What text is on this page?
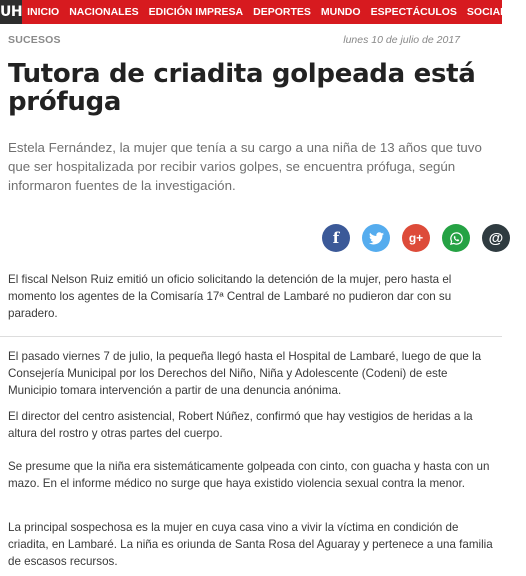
UH INICIO NACIONALES EDICIÓN IMPRESA DEPORTES MUNDO ESPECTÁCULOS SOCIALES
SUCESOS	lunes 10 de julio de 2017
Tutora de criadita golpeada está prófuga

Estela Fernández, la mujer que tenía a su cargo a una niña de 13 años que tuvo que ser hospitalizada por recibir varios golpes, se encuentra prófuga, según informaron fuentes de la investigación.

f	g+	@

El fiscal Nelson Ruiz emitió un oficio solicitando la detención de la mujer, pero hasta el momento los agentes de la Comisaría 17ª Central de Lambaré no pudieron dar con su paradero.

El pasado viernes 7 de julio, la pequeña llegó hasta el Hospital de Lambaré, luego de que la Consejería Municipal por los Derechos del Niño, Niña y Adolescente (Codeni) de este Municipio tomara intervención a partir de una denuncia anónima.

El director del centro asistencial, Robert Núñez, confirmó que hay vestigios de heridas a la altura del rostro y otras partes del cuerpo.

Se presume que la niña era sistemáticamente golpeada con cinto, con guacha y hasta con un mazo. En el informe médico no surge que haya existido violencia sexual contra la menor.

La principal sospechosa es la mujer en cuya casa vino a vivir la víctima en condición de criadita, en Lambaré. La niña es oriunda de Santa Rosa del Aguaray y pertenece a una familia de escasos recursos.
